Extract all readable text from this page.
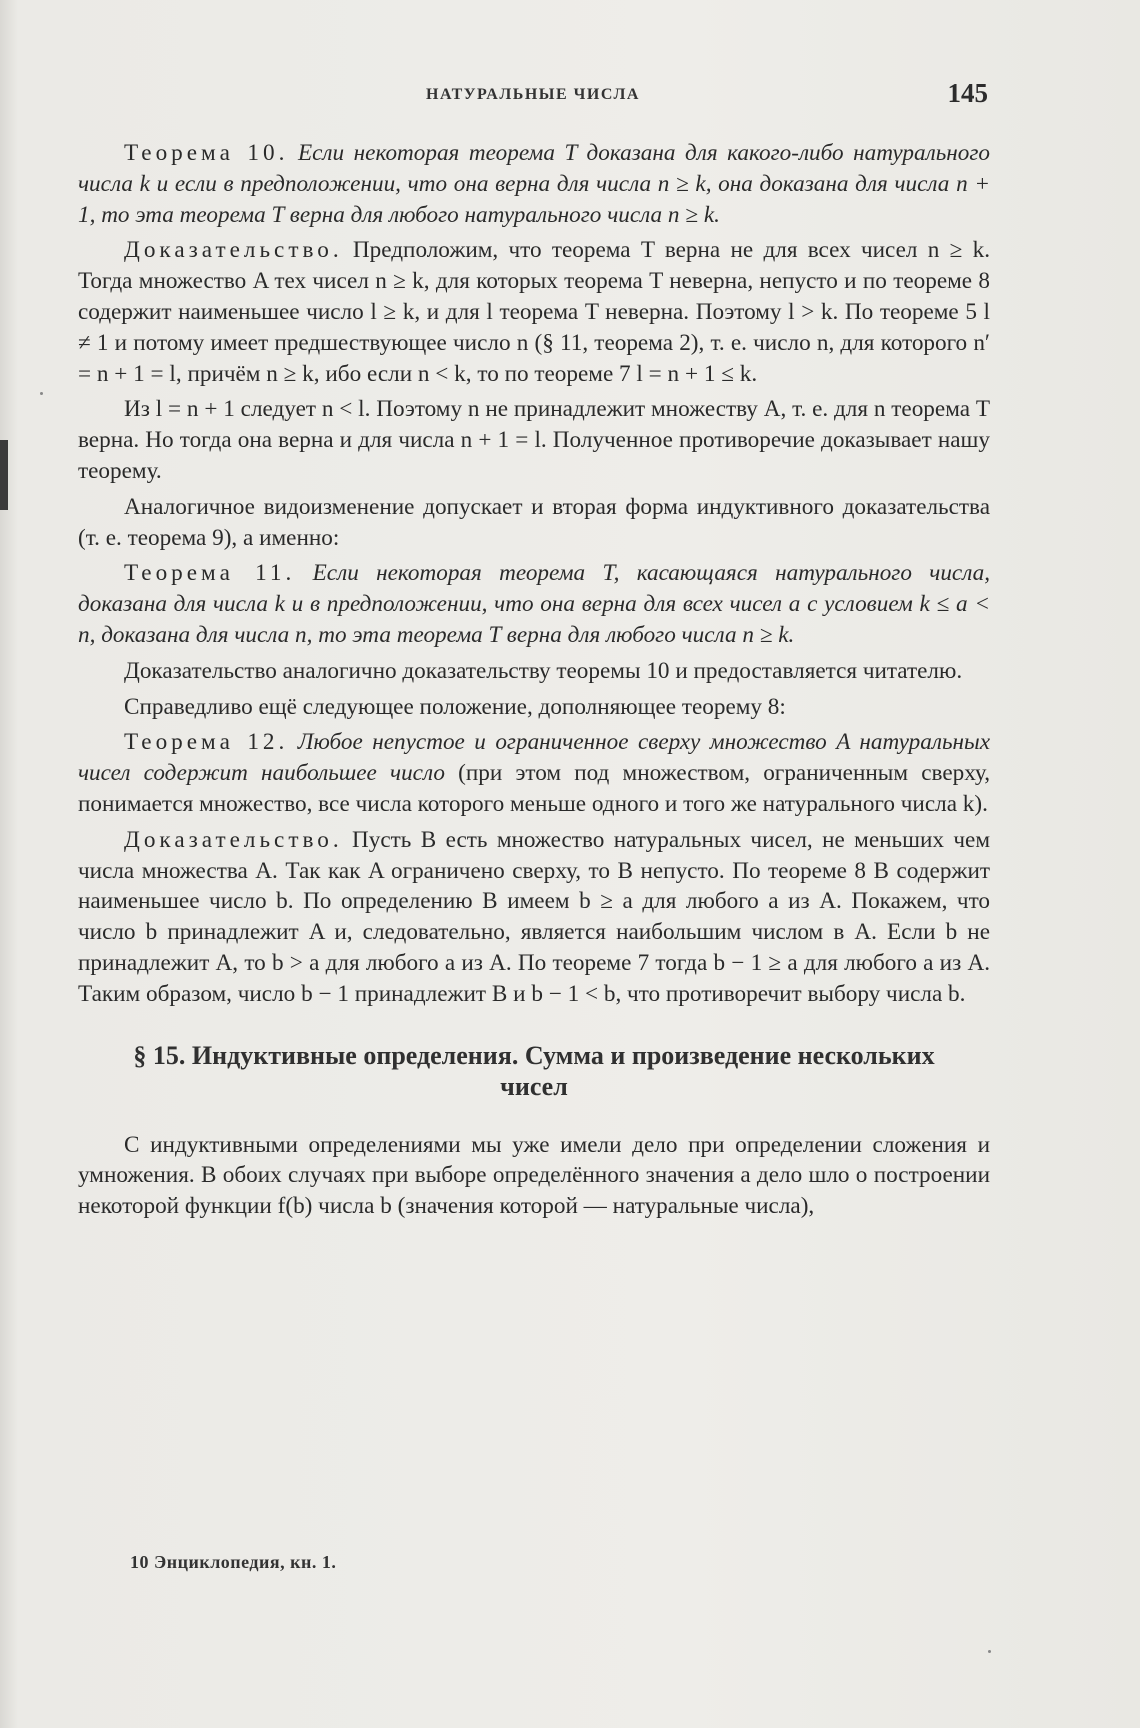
НАТУРАЛЬНЫЕ ЧИСЛА	145

Теорема 10. Если некоторая теорема T доказана для какого-либо натурального числа k и если в предположении, что она верна для числа n ≥ k, она доказана для числа n + 1, то эта теорема T верна для любого натурального числа n ≥ k.

Доказательство. Предположим, что теорема T верна не для всех чисел n ≥ k. Тогда множество A тех чисел n ≥ k, для которых теорема T неверна, непусто и по теореме 8 содержит наименьшее число l ≥ k, и для l теорема T неверна. Поэтому l > k. По теореме 5 l ≠ 1 и потому имеет предшествующее число n (§ 11, теорема 2), т. е. число n, для которого n′ = n + 1 = l, причём n ≥ k, ибо если n < k, то по теореме 7 l = n + 1 ≤ k.

Из l = n + 1 следует n < l. Поэтому n не принадлежит множеству A, т. е. для n теорема T верна. Но тогда она верна и для числа n + 1 = l. Полученное противоречие доказывает нашу теорему.

Аналогичное видоизменение допускает и вторая форма индуктивного доказательства (т. е. теорема 9), а именно:

Теорема 11. Если некоторая теорема T, касающаяся натурального числа, доказана для числа k и в предположении, что она верна для всех чисел a с условием k ≤ a < n, доказана для числа n, то эта теорема T верна для любого числа n ≥ k.

Доказательство аналогично доказательству теоремы 10 и предоставляется читателю.

Справедливо ещё следующее положение, дополняющее теорему 8:

Теорема 12. Любое непустое и ограниченное сверху множество A натуральных чисел содержит наибольшее число (при этом под множеством, ограниченным сверху, понимается множество, все числа которого меньше одного и того же натурального числа k).

Доказательство. Пусть B есть множество натуральных чисел, не меньших чем числа множества A. Так как A ограничено сверху, то B непусто. По теореме 8 B содержит наименьшее число b. По определению B имеем b ≥ a для любого a из A. Покажем, что число b принадлежит A и, следовательно, является наибольшим числом в A. Если b не принадлежит A, то b > a для любого a из A. По теореме 7 тогда b − 1 ≥ a для любого a из A. Таким образом, число b − 1 принадлежит B и b − 1 < b, что противоречит выбору числа b.

§ 15. Индуктивные определения. Сумма и произведение нескольких чисел

С индуктивными определениями мы уже имели дело при определении сложения и умножения. В обоих случаях при выборе определённого значения a дело шло о построении некоторой функции f(b) числа b (значения которой — натуральные числа),

10 Энциклопедия, кн. 1.
